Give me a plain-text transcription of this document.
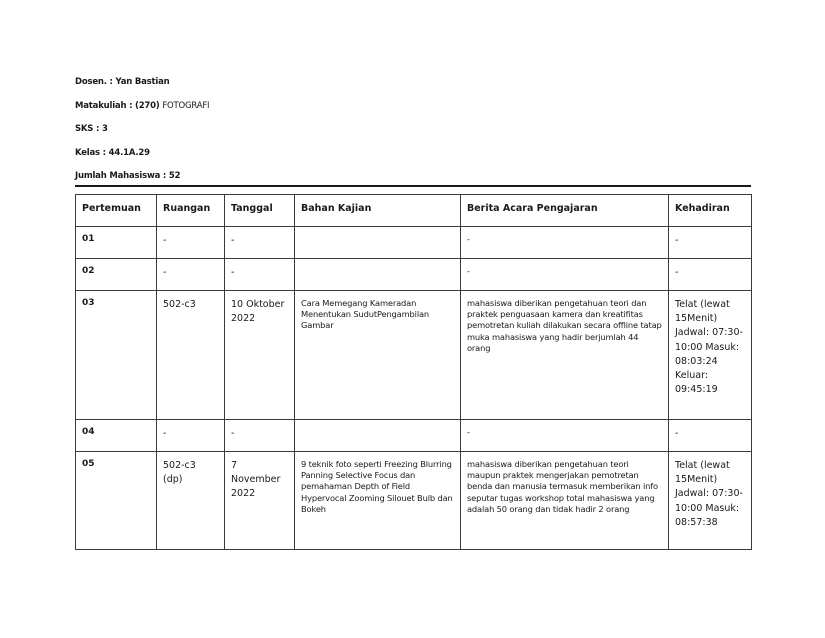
Dosen. : Yan Bastian
Matakuliah : (270) FOTOGRAFI
SKS : 3
Kelas : 44.1A.29
Jumlah Mahasiswa : 52
Pertemuan	Ruangan	Tanggal	Bahan Kajian	Berita Acara Pengajaran	Kehadiran
01	-	-		-	-
02	-	-		-	-
03	502-c3	10 Oktober 2022	Cara Memegang Kameradan Menentukan SudutPengambilan Gambar	mahasiswa diberikan pengetahuan teori dan praktek penguasaan kamera dan kreatifitas pemotretan kuliah dilakukan secara offline tatap muka mahasiswa yang hadir berjumlah 44 orang	Telat (lewat 15Menit) Jadwal: 07:30-10:00 Masuk: 08:03:24 Keluar: 09:45:19
04	-	-		-	-
05	502-c3 (dp)	7 November 2022	9 teknik foto seperti Freezing Blurring Panning Selective Focus dan pemahaman Depth of Field Hypervocal Zooming Silouet Bulb dan Bokeh	mahasiswa diberikan pengetahuan teori maupun praktek mengerjakan pemotretan benda dan manusia termasuk memberikan info seputar tugas workshop total mahasiswa yang adalah 50 orang dan tidak hadir 2 orang	Telat (lewat 15Menit) Jadwal: 07:30-10:00 Masuk: 08:57:38
